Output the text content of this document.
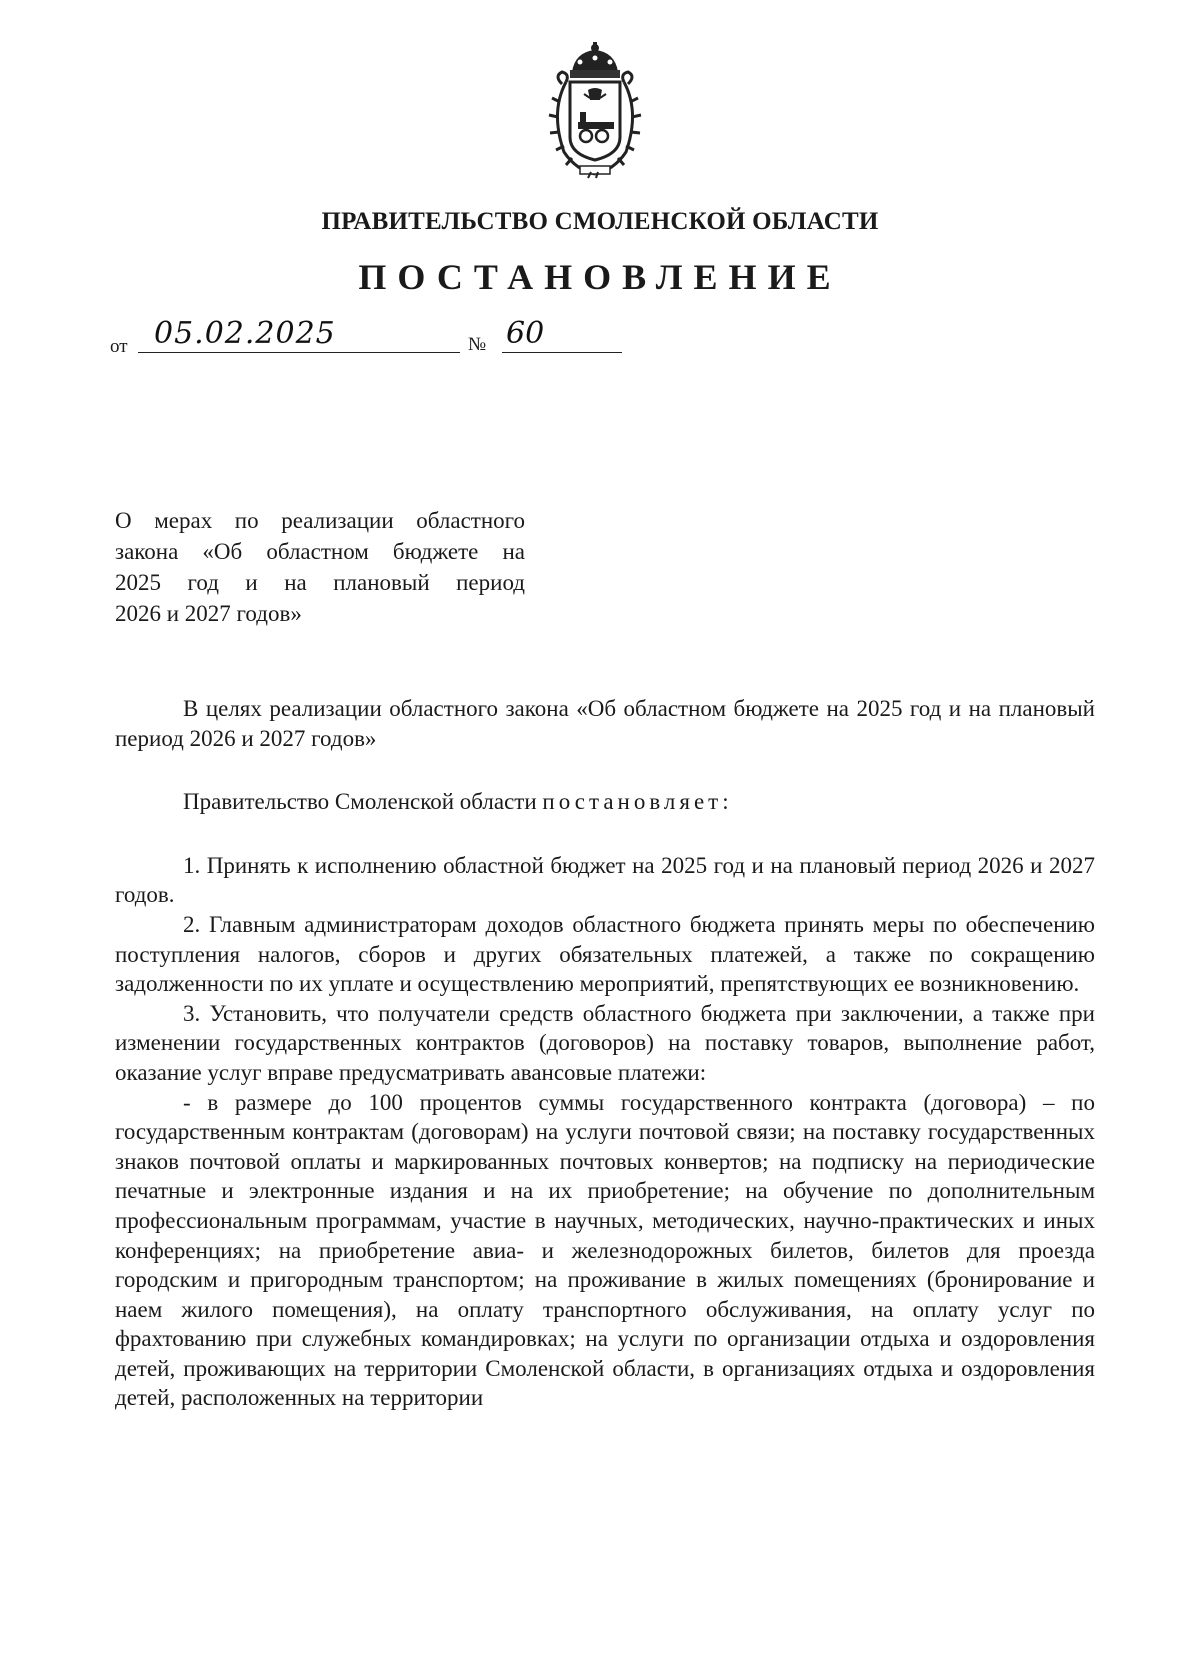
ПРАВИТЕЛЬСТВО СМОЛЕНСКОЙ ОБЛАСТИ
ПОСТАНОВЛЕНИЕ
от 05.02.2025	№ 60
О мерах по реализации областного
закона «Об областном бюджете на
2025 год и на плановый период
2026 и 2027 годов»

В целях реализации областного закона «Об областном бюджете на 2025 год и на плановый период 2026 и 2027 годов»

Правительство Смоленской области постановляет:

1. Принять к исполнению областной бюджет на 2025 год и на плановый период 2026 и 2027 годов.

2. Главным администраторам доходов областного бюджета принять меры по обеспечению поступления налогов, сборов и других обязательных платежей, а также по сокращению задолженности по их уплате и осуществлению мероприятий, препятствующих ее возникновению.

3. Установить, что получатели средств областного бюджета при заключении, а также при изменении государственных контрактов (договоров) на поставку товаров, выполнение работ, оказание услуг вправе предусматривать авансовые платежи:

- в размере до 100 процентов суммы государственного контракта (договора) – по государственным контрактам (договорам) на услуги почтовой связи; на поставку государственных знаков почтовой оплаты и маркированных почтовых конвертов; на подписку на периодические печатные и электронные издания и на их приобретение; на обучение по дополнительным профессиональным программам, участие в научных, методических, научно-практических и иных конференциях; на приобретение авиа- и железнодорожных билетов, билетов для проезда городским и пригородным транспортом; на проживание в жилых помещениях (бронирование и наем жилого помещения), на оплату транспортного обслуживания, на оплату услуг по фрахтованию при служебных командировках; на услуги по организации отдыха и оздоровления детей, проживающих на территории Смоленской области, в организациях отдыха и оздоровления детей, расположенных на территории
